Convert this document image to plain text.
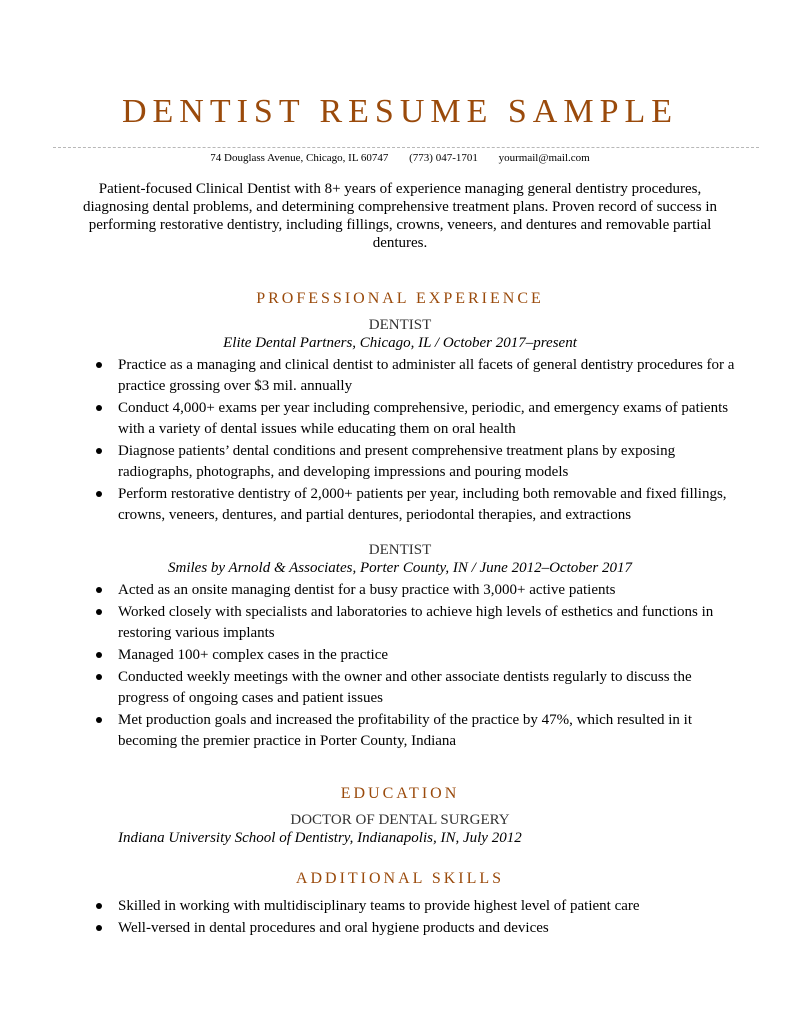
DENTIST RESUME SAMPLE
74 Douglass Avenue, Chicago, IL 60747 (773) 047-1701 yourmail@mail.com
Patient-focused Clinical Dentist with 8+ years of experience managing general dentistry procedures, diagnosing dental problems, and determining comprehensive treatment plans. Proven record of success in performing restorative dentistry, including fillings, crowns, veneers, and dentures and removable partial dentures.
PROFESSIONAL EXPERIENCE
DENTIST
Elite Dental Partners, Chicago, IL / October 2017–present
Practice as a managing and clinical dentist to administer all facets of general dentistry procedures for a practice grossing over $3 mil. annually
Conduct 4,000+ exams per year including comprehensive, periodic, and emergency exams of patients with a variety of dental issues while educating them on oral health
Diagnose patients’ dental conditions and present comprehensive treatment plans by exposing radiographs, photographs, and developing impressions and pouring models
Perform restorative dentistry of 2,000+ patients per year, including both removable and fixed fillings, crowns, veneers, dentures, and partial dentures, periodontal therapies, and extractions
DENTIST
Smiles by Arnold & Associates, Porter County, IN / June 2012–October 2017
Acted as an onsite managing dentist for a busy practice with 3,000+ active patients
Worked closely with specialists and laboratories to achieve high levels of esthetics and functions in restoring various implants
Managed 100+ complex cases in the practice
Conducted weekly meetings with the owner and other associate dentists regularly to discuss the progress of ongoing cases and patient issues
Met production goals and increased the profitability of the practice by 47%, which resulted in it becoming the premier practice in Porter County, Indiana
EDUCATION
DOCTOR OF DENTAL SURGERY
Indiana University School of Dentistry, Indianapolis, IN, July 2012
ADDITIONAL SKILLS
Skilled in working with multidisciplinary teams to provide highest level of patient care
Well-versed in dental procedures and oral hygiene products and devices
